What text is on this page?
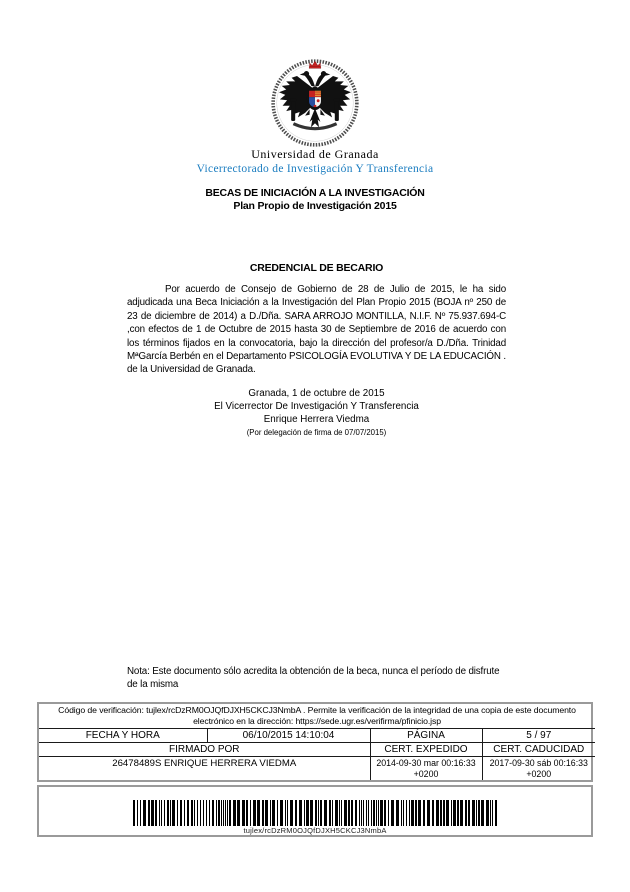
Universidad de Granada
Vicerrectorado de Investigación Y Transferencia
BECAS DE INICIACIÓN A LA INVESTIGACIÓN
Plan Propio de Investigación 2015
CREDENCIAL DE BECARIO
Por acuerdo de Consejo de Gobierno de 28 de Julio de 2015, le ha sido adjudicada una Beca Iniciación a la Investigación del Plan Propio 2015 (BOJA nº 250 de 23 de diciembre de 2014) a D./Dña. SARA ARROJO MONTILLA, N.I.F. Nº 75.937.694-C ,con efectos de 1 de Octubre de 2015 hasta 30 de Septiembre de 2016 de acuerdo con los términos fijados en la convocatoria, bajo la dirección del profesor/a D./Dña. Trinidad MªGarcía Berbén en el Departamento PSICOLOGÍA EVOLUTIVA Y DE LA EDUCACIÓN . de la Universidad de Granada.
Granada, 1 de octubre de 2015
El Vicerrector De Investigación Y Transferencia
Enrique Herrera Viedma
(Por delegación de firma de 07/07/2015)
Nota: Este documento sólo acredita la obtención de la beca, nunca el período de disfrute de la misma
Código de verificación: tujlex/rcDzRM0OJQfDJXH5CKCJ3NmbA . Permite la verificación de la integridad de una copia de este documento electrónico en la dirección: https://sede.ugr.es/verifirma/pfinicio.jsp			
FECHA Y HORA	06/10/2015 14:10:04	PÁGINA	5 / 97
FIRMADO POR		CERT. EXPEDIDO	CERT. CADUCIDAD
26478489S ENRIQUE HERRERA VIEDMA		2014-09-30 mar 00:16:33 +0200	2017-09-30 sáb 00:16:33 +0200
tujlex/rcDzRM0OJQfDJXH5CKCJ3NmbA
